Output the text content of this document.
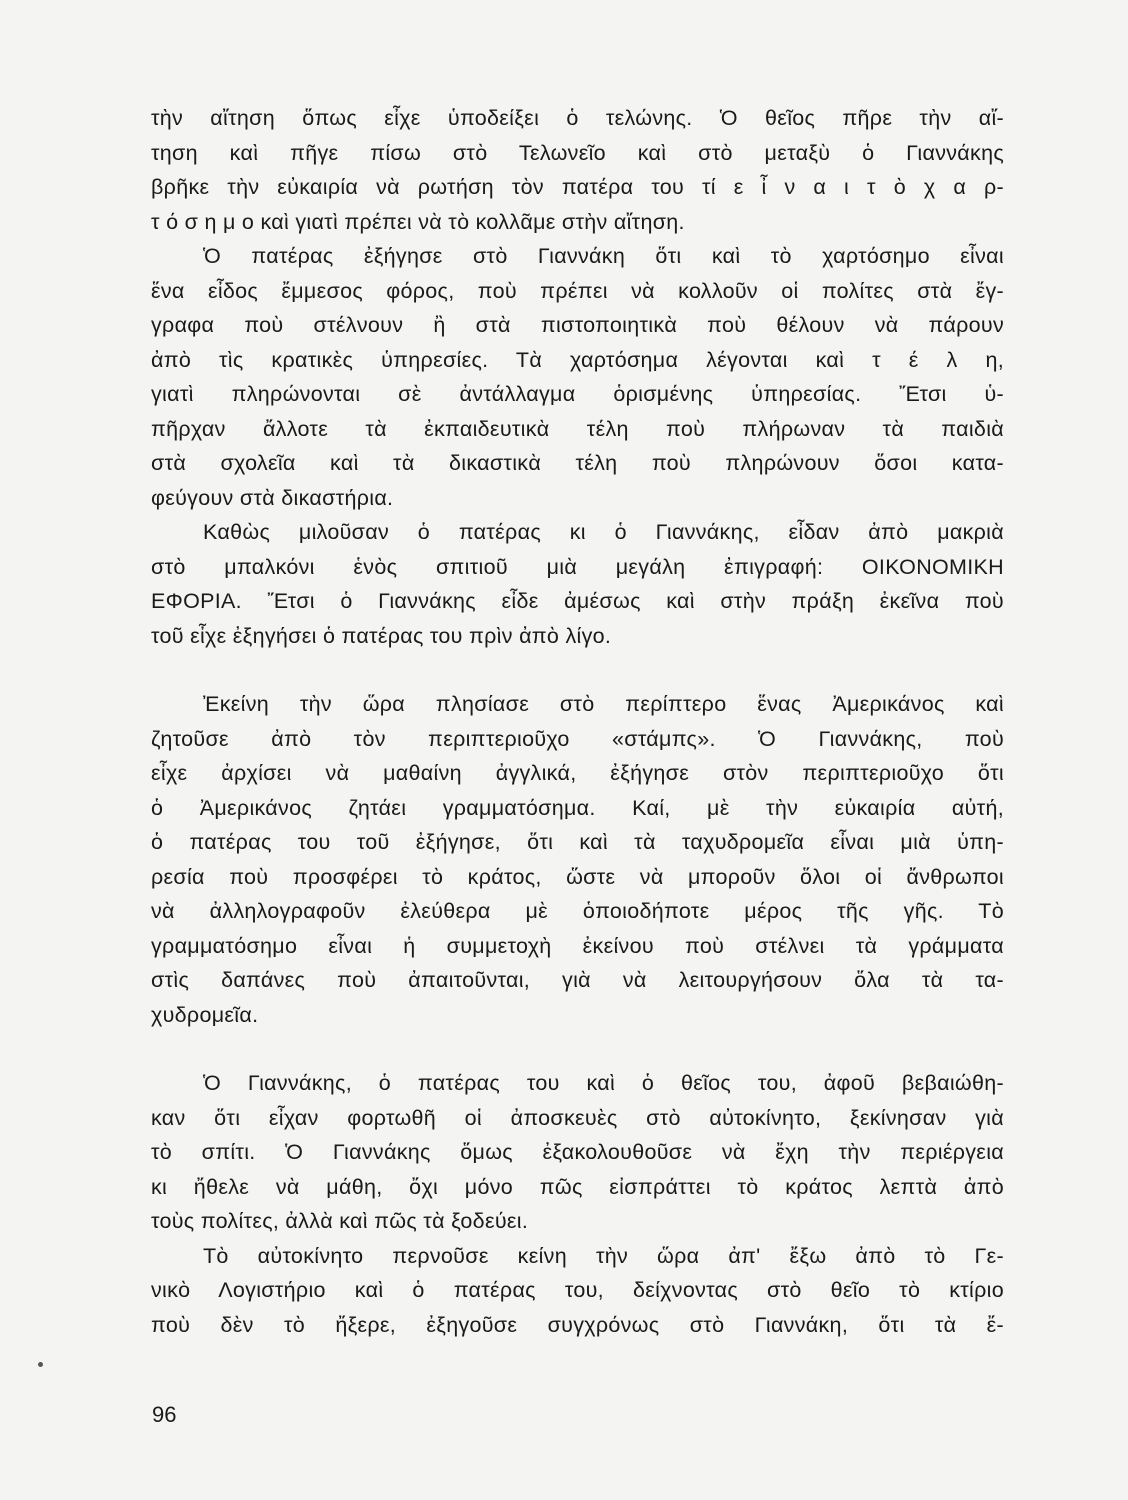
τὴν αἴτηση ὅπως εἶχε ὑποδείξει ὁ τελώνης. Ὁ θεῖος πῆρε τὴν αἴ-
τηση καὶ πῆγε πίσω στὸ Τελωνεῖο καὶ στὸ μεταξὺ ὁ Γιαννάκης
βρῆκε τὴν εὐκαιρία νὰ ρωτήση τὸν πατέρα του τί ε ἶ ν α ι τ ὸ χ α ρ-
τ ό σ η μ ο καὶ γιατὶ πρέπει νὰ τὸ κολλᾶμε στὴν αἴτηση.
Ὁ πατέρας ἐξήγησε στὸ Γιαννάκη ὅτι καὶ τὸ χαρτόσημο εἶναι
ἕνα εἶδος ἔμμεσος φόρος, ποὺ πρέπει νὰ κολλοῦν οἱ πολίτες στὰ ἔγ-
γραφα ποὺ στέλνουν ἢ στὰ πιστοποιητικὰ ποὺ θέλουν νὰ πάρουν
ἀπὸ τὶς κρατικὲς ὑπηρεσίες. Τὰ χαρτόσημα λέγονται καὶ τ έ λ η,
γιατὶ πληρώνονται σὲ ἀντάλλαγμα ὁρισμένης ὑπηρεσίας. Ἔτσι ὑ-
πῆρχαν ἄλλοτε τὰ ἐκπαιδευτικὰ τέλη ποὺ πλήρωναν τὰ παιδιὰ
στὰ σχολεῖα καὶ τὰ δικαστικὰ τέλη ποὺ πληρώνουν ὅσοι κατα-
φεύγουν στὰ δικαστήρια.
Καθὼς μιλοῦσαν ὁ πατέρας κι ὁ Γιαννάκης, εἶδαν ἀπὸ μακριὰ
στὸ μπαλκόνι ἑνὸς σπιτιοῦ μιὰ μεγάλη ἐπιγραφή: ΟΙΚΟΝΟΜΙΚΗ
ΕΦΟΡΙΑ. Ἔτσι ὁ Γιαννάκης εἶδε ἀμέσως καὶ στὴν πράξη ἐκεῖνα ποὺ
τοῦ εἶχε ἐξηγήσει ὁ πατέρας του πρὶν ἀπὸ λίγο.
Ἐκείνη τὴν ὥρα πλησίασε στὸ περίπτερο ἕνας Ἀμερικάνος καὶ
ζητοῦσε ἀπὸ τὸν περιπτεριοῦχο «στάμπς». Ὁ Γιαννάκης, ποὺ
εἶχε ἀρχίσει νὰ μαθαίνη ἀγγλικά, ἐξήγησε στὸν περιπτεριοῦχο ὅτι
ὁ Ἀμερικάνος ζητάει γραμματόσημα. Καί, μὲ τὴν εὐκαιρία αὐτή,
ὁ πατέρας του τοῦ ἐξήγησε, ὅτι καὶ τὰ ταχυδρομεῖα εἶναι μιὰ ὑπη-
ρεσία ποὺ προσφέρει τὸ κράτος, ὥστε νὰ μποροῦν ὅλοι οἱ ἄνθρωποι
νὰ ἀλληλογραφοῦν ἐλεύθερα μὲ ὁποιοδήποτε μέρος τῆς γῆς. Τὸ
γραμματόσημο εἶναι ἡ συμμετοχὴ ἐκείνου ποὺ στέλνει τὰ γράμματα
στὶς δαπάνες ποὺ ἀπαιτοῦνται, γιὰ νὰ λειτουργήσουν ὅλα τὰ τα-
χυδρομεῖα.
Ὁ Γιαννάκης, ὁ πατέρας του καὶ ὁ θεῖος του, ἀφοῦ βεβαιώθη-
καν ὅτι εἶχαν φορτωθῆ οἱ ἀποσκευὲς στὸ αὐτοκίνητο, ξεκίνησαν γιὰ
τὸ σπίτι. Ὁ Γιαννάκης ὅμως ἐξακολουθοῦσε νὰ ἔχη τὴν περιέργεια
κι ἤθελε νὰ μάθη, ὄχι μόνο πῶς εἰσπράττει τὸ κράτος λεπτὰ ἀπὸ
τοὺς πολίτες, ἀλλὰ καὶ πῶς τὰ ξοδεύει.
Τὸ αὐτοκίνητο περνοῦσε κείνη τὴν ὥρα ἀπ' ἔξω ἀπὸ τὸ Γε-
νικὸ Λογιστήριο καὶ ὁ πατέρας του, δείχνοντας στὸ θεῖο τὸ κτίριο
ποὺ δὲν τὸ ἤξερε, ἐξηγοῦσε συγχρόνως στὸ Γιαννάκη, ὅτι τὰ ἔ-
96
